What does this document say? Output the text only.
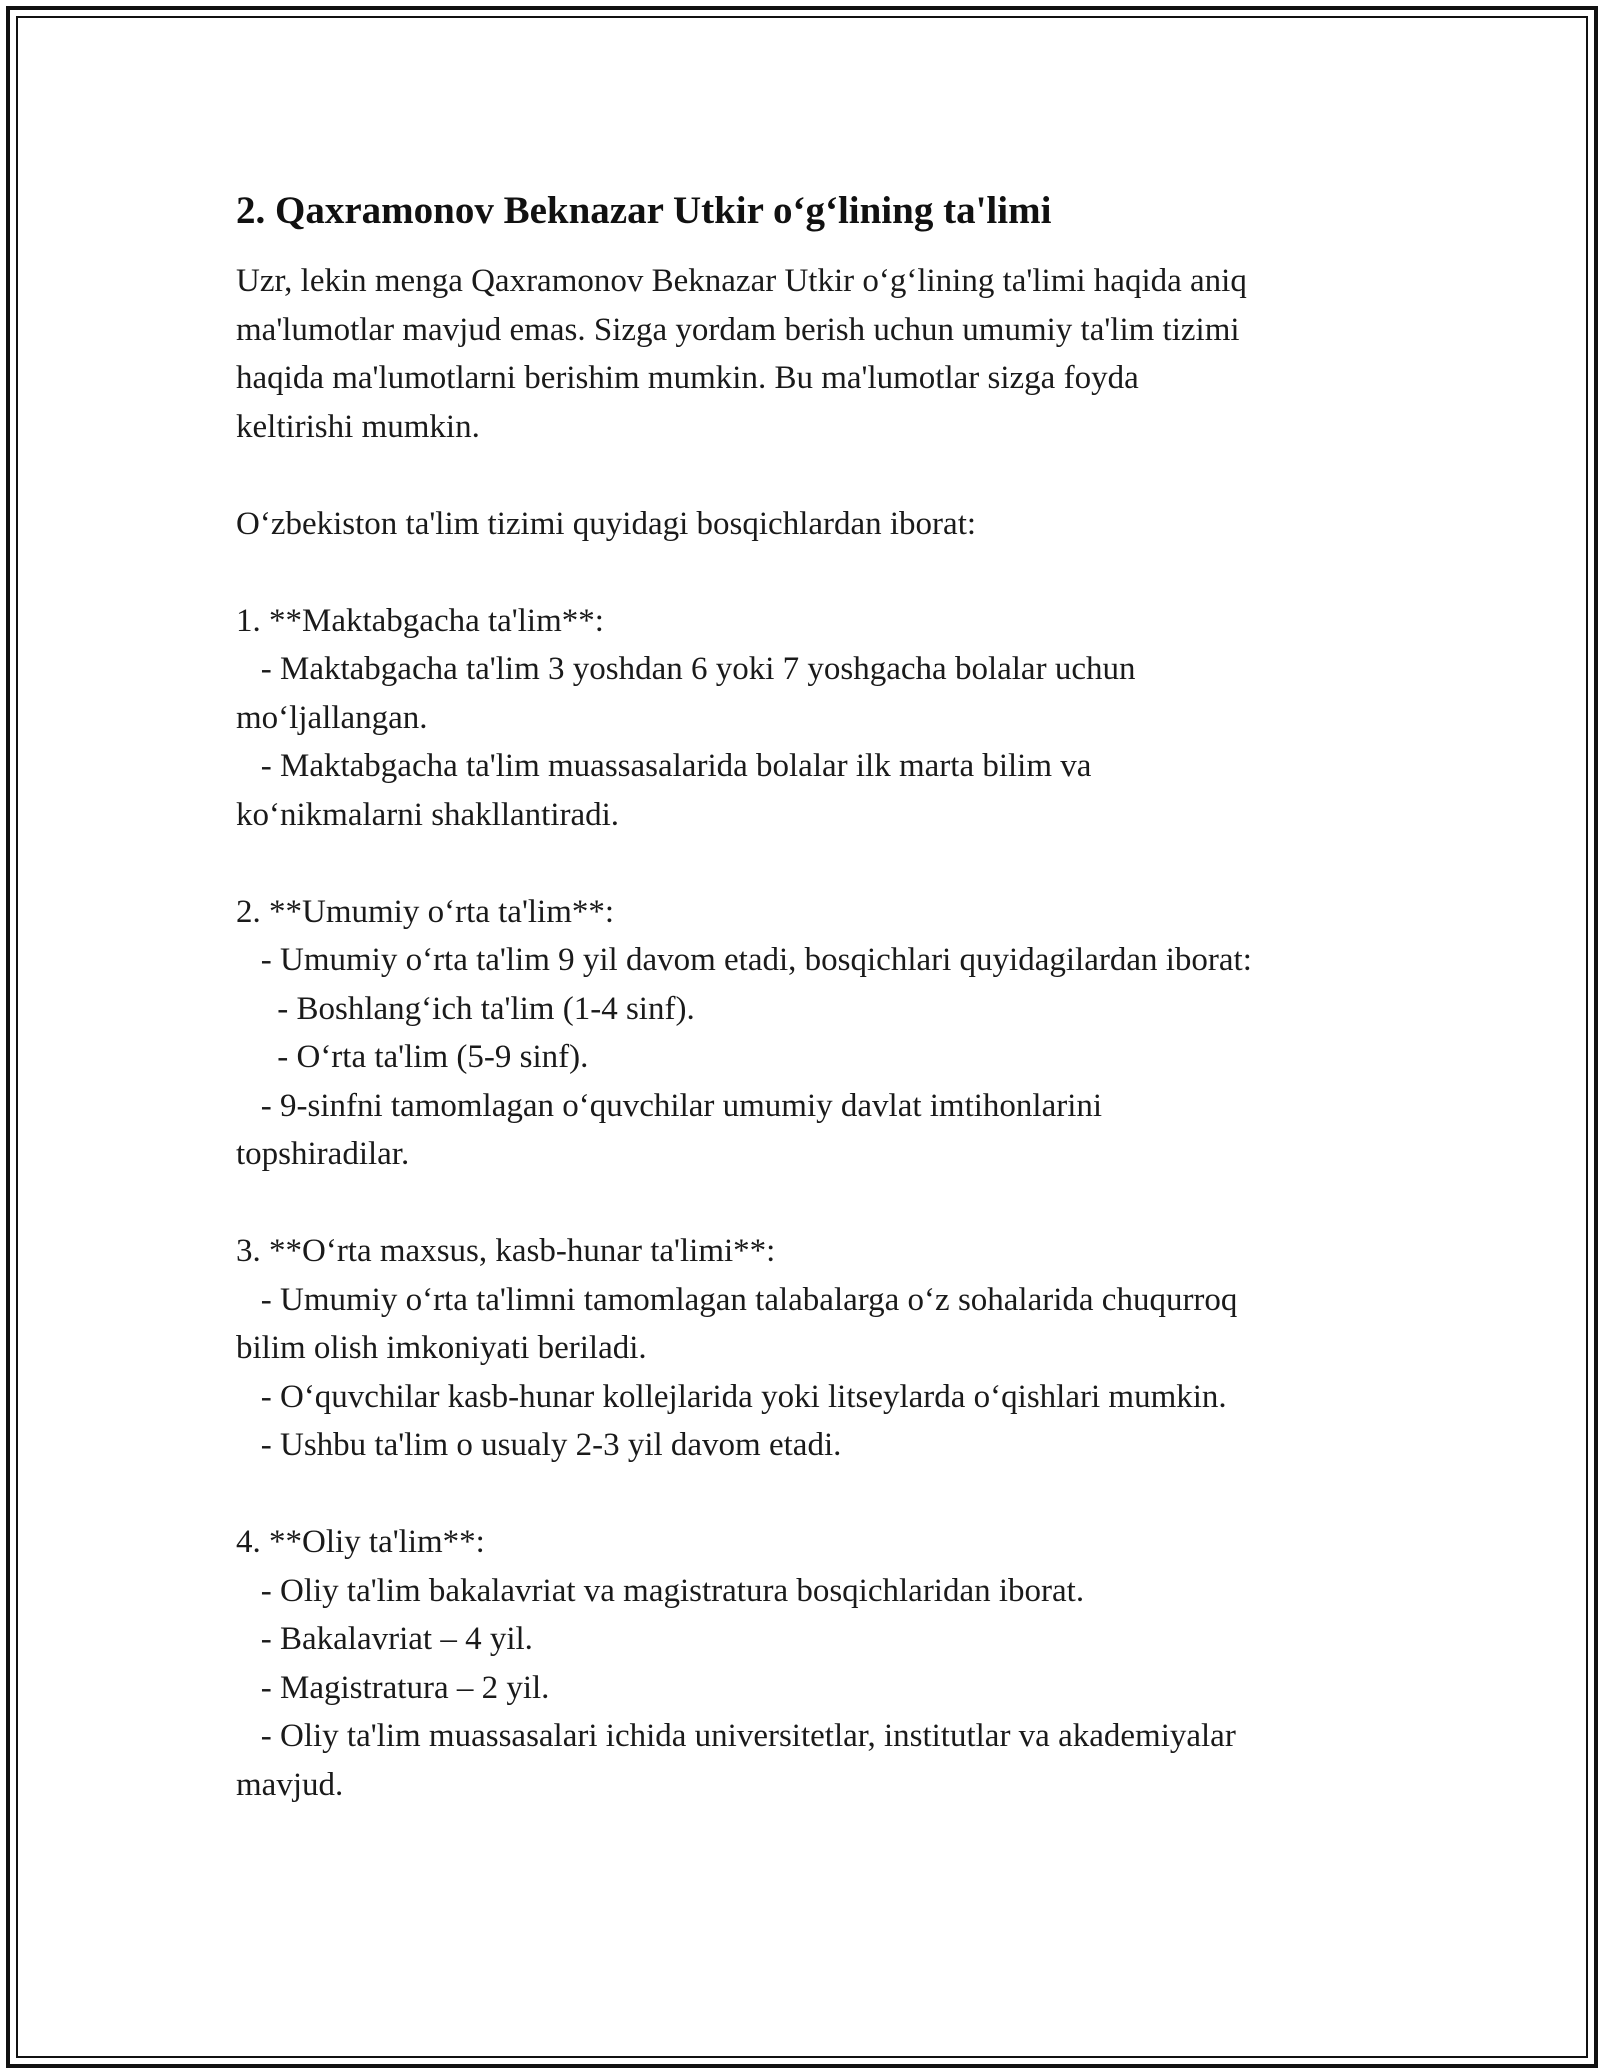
2. Qaxramonov Beknazar Utkir o‘g‘lining ta'limi

Uzr, lekin menga Qaxramonov Beknazar Utkir o‘g‘lining ta'limi haqida aniq
ma'lumotlar mavjud emas. Sizga yordam berish uchun umumiy ta'lim tizimi
haqida ma'lumotlarni berishim mumkin. Bu ma'lumotlar sizga foyda
keltirishi mumkin.

O‘zbekiston ta'lim tizimi quyidagi bosqichlardan iborat:

1. **Maktabgacha ta'lim**:
- Maktabgacha ta'lim 3 yoshdan 6 yoki 7 yoshgacha bolalar uchun
mo‘ljallangan.
- Maktabgacha ta'lim muassasalarida bolalar ilk marta bilim va
ko‘nikmalarni shakllantiradi.

2. **Umumiy o‘rta ta'lim**:
- Umumiy o‘rta ta'lim 9 yil davom etadi, bosqichlari quyidagilardan iborat:
- Boshlang‘ich ta'lim (1-4 sinf).
- O‘rta ta'lim (5-9 sinf).
- 9-sinfni tamomlagan o‘quvchilar umumiy davlat imtihonlarini
topshiradilar.

3. **O‘rta maxsus, kasb-hunar ta'limi**:
- Umumiy o‘rta ta'limni tamomlagan talabalarga o‘z sohalarida chuqurroq
bilim olish imkoniyati beriladi.
- O‘quvchilar kasb-hunar kollejlarida yoki litseylarda o‘qishlari mumkin.
- Ushbu ta'lim o usualy 2-3 yil davom etadi.

4. **Oliy ta'lim**:
- Oliy ta'lim bakalavriat va magistratura bosqichlaridan iborat.
- Bakalavriat – 4 yil.
- Magistratura – 2 yil.
- Oliy ta'lim muassasalari ichida universitetlar, institutlar va akademiyalar
mavjud.
